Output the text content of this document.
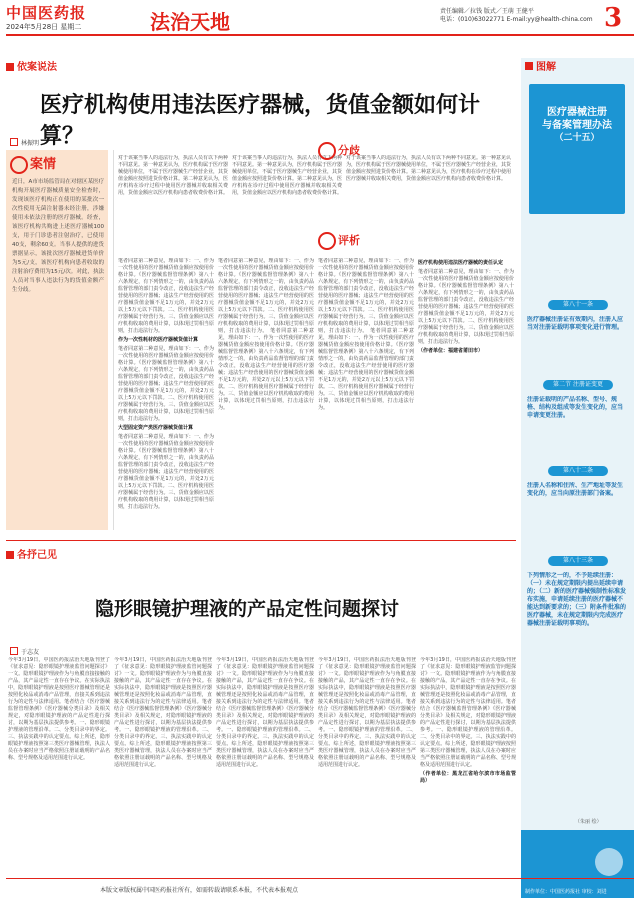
中国医药报
2024年5月28日 星期二	法治天地	责任编辑／拉钱 版式／王萌 王健平
电话：(010)63022771 E-mail:yy@health-china.com 3
依案说法
医疗机构使用违法医疗器械，货值金额如何计算？
林振明
案情
近日，A市市场监管局在对辖区某医疗机构开展医疗器械质量安全检查时，发现该医疗机构正在使用的某批次一次性使用无菌注射器未经注册，涉嫌使用未依法注册的医疗器械。经查，该医疗机构共购进上述医疗器械100支，用于门诊患者注射治疗，已使用40支，剩余60支。当事人提供的进货票据显示，该批次医疗器械进货单价为5元/支，该医疗机构向患者收取的注射治疗费用为15元/次。对此，执法人员对当事人违法行为的货值金额产生分歧。
对于该案当事人的违法行为，执法人员有以下两种不同意见。第一种意见认为，医疗机构属于医疗器械使用单位，不属于医疗器械生产经营企业，其货值金额应按照进货价格计算。第二种意见认为，医疗机构在诊疗过程中使用医疗器械并收取相关费用，货值金额应以医疗机构向患者收费价格计算。
对于该案当事人的违法行为，执法人员有以下两种不同意见。第一种意见认为，医疗机构属于医疗器械使用单位，不属于医疗器械生产经营企业，其货值金额应按照进货价格计算。第二种意见认为，医疗机构在诊疗过程中使用医疗器械并收取相关费用，货值金额应以医疗机构向患者收费价格计算。
分歧
对于该案当事人的违法行为，执法人员有以下两种不同意见。第一种意见认为，医疗机构属于医疗器械使用单位，不属于医疗器械生产经营企业，其货值金额应按照进货价格计算。第二种意见认为，医疗机构在诊疗过程中使用医疗器械并收取相关费用，货值金额应以医疗机构向患者收费价格计算。
评析
笔者同意第二种意见，理由如下：一、作为一次性使用的医疗器械货值金额应按使用价格计算。《医疗器械监督管理条例》第八十六条规定，有下列情形之一的，由负责药品监督管理的部门责令改正，没收违法生产经营使用的医疗器械；违法生产经营使用的医疗器械货值金额不足1万元的，并处2万元以上5万元以下罚款。二、医疗机构使用医疗器械属于经营行为。三、货值金额应以医疗机构收取的费用计算，以体现过罚相当原则，打击违法行为。
作为一次性耗材的医疗器械货值计算
笔者同意第二种意见，理由如下：一、作为一次性使用的医疗器械货值金额应按使用价格计算。《医疗器械监督管理条例》第八十六条规定，有下列情形之一的，由负责药品监督管理的部门责令改正，没收违法生产经营使用的医疗器械；违法生产经营使用的医疗器械货值金额不足1万元的，并处2万元以上5万元以下罚款。二、医疗机构使用医疗器械属于经营行为。三、货值金额应以医疗机构收取的费用计算，以体现过罚相当原则，打击违法行为。
大型固定资产类医疗器械货值计算
笔者同意第二种意见，理由如下：一、作为一次性使用的医疗器械货值金额应按使用价格计算。《医疗器械监督管理条例》第八十六条规定，有下列情形之一的，由负责药品监督管理的部门责令改正，没收违法生产经营使用的医疗器械；违法生产经营使用的医疗器械货值金额不足1万元的，并处2万元以上5万元以下罚款。二、医疗机构使用医疗器械属于经营行为。三、货值金额应以医疗机构收取的费用计算，以体现过罚相当原则，打击违法行为。
笔者同意第二种意见，理由如下：一、作为一次性使用的医疗器械货值金额应按使用价格计算。《医疗器械监督管理条例》第八十六条规定，有下列情形之一的，由负责药品监督管理的部门责令改正，没收违法生产经营使用的医疗器械；违法生产经营使用的医疗器械货值金额不足1万元的，并处2万元以上5万元以下罚款。二、医疗机构使用医疗器械属于经营行为。三、货值金额应以医疗机构收取的费用计算，以体现过罚相当原则，打击违法行为。 笔者同意第二种意见，理由如下：一、作为一次性使用的医疗器械货值金额应按使用价格计算。《医疗器械监督管理条例》第八十六条规定，有下列情形之一的，由负责药品监督管理的部门责令改正，没收违法生产经营使用的医疗器械；违法生产经营使用的医疗器械货值金额不足1万元的，并处2万元以上5万元以下罚款。二、医疗机构使用医疗器械属于经营行为。三、货值金额应以医疗机构收取的费用计算，以体现过罚相当原则，打击违法行为。
笔者同意第二种意见，理由如下：一、作为一次性使用的医疗器械货值金额应按使用价格计算。《医疗器械监督管理条例》第八十六条规定，有下列情形之一的，由负责药品监督管理的部门责令改正，没收违法生产经营使用的医疗器械；违法生产经营使用的医疗器械货值金额不足1万元的，并处2万元以上5万元以下罚款。二、医疗机构使用医疗器械属于经营行为。三、货值金额应以医疗机构收取的费用计算，以体现过罚相当原则，打击违法行为。 笔者同意第二种意见，理由如下：一、作为一次性使用的医疗器械货值金额应按使用价格计算。《医疗器械监督管理条例》第八十六条规定，有下列情形之一的，由负责药品监督管理的部门责令改正，没收违法生产经营使用的医疗器械；违法生产经营使用的医疗器械货值金额不足1万元的，并处2万元以上5万元以下罚款。二、医疗机构使用医疗器械属于经营行为。三、货值金额应以医疗机构收取的费用计算，以体现过罚相当原则，打击违法行为。
医疗机构使用违法医疗器械的责任认定
笔者同意第二种意见，理由如下：一、作为一次性使用的医疗器械货值金额应按使用价格计算。《医疗器械监督管理条例》第八十六条规定，有下列情形之一的，由负责药品监督管理的部门责令改正，没收违法生产经营使用的医疗器械；违法生产经营使用的医疗器械货值金额不足1万元的，并处2万元以上5万元以下罚款。二、医疗机构使用医疗器械属于经营行为。三、货值金额应以医疗机构收取的费用计算，以体现过罚相当原则，打击违法行为。
（作者单位：福建省莆田市）
各抒己见
隐形眼镜护理液的产品定性问题探讨
于志友
今年3月19日，中国医药报法治天地版刊登了《征求意见：隐形眼镜护理液监管问题探讨》一文。隐形眼镜护理液作为与角膜直接接触的产品，其产品定性一直存在争议。在实际执法中，隐形眼镜护理液是按照医疗器械管理还是按照化妆品或消毒产品管理，直接关系到违法行为的定性与法律适用。笔者结合《医疗器械监督管理条例》《医疗器械分类目录》及相关规定，对隐形眼镜护理液的产品定性进行探讨，以期为基层执法提供参考。一、隐形眼镜护理液的管理沿革。二、分类目录中的界定。三、执法实践中的认定要点。综上所述，隐形眼镜护理液按照第三类医疗器械管理，执法人员在办案时应当严格依照注册证载明的产品名称、型号规格及适用范围进行认定。
今年3月19日，中国医药报法治天地版刊登了《征求意见：隐形眼镜护理液监管问题探讨》一文。隐形眼镜护理液作为与角膜直接接触的产品，其产品定性一直存在争议。在实际执法中，隐形眼镜护理液是按照医疗器械管理还是按照化妆品或消毒产品管理，直接关系到违法行为的定性与法律适用。笔者结合《医疗器械监督管理条例》《医疗器械分类目录》及相关规定，对隐形眼镜护理液的产品定性进行探讨，以期为基层执法提供参考。一、隐形眼镜护理液的管理沿革。二、分类目录中的界定。三、执法实践中的认定要点。综上所述，隐形眼镜护理液按照第三类医疗器械管理，执法人员在办案时应当严格依照注册证载明的产品名称、型号规格及适用范围进行认定。
今年3月19日，中国医药报法治天地版刊登了《征求意见：隐形眼镜护理液监管问题探讨》一文。隐形眼镜护理液作为与角膜直接接触的产品，其产品定性一直存在争议。在实际执法中，隐形眼镜护理液是按照医疗器械管理还是按照化妆品或消毒产品管理，直接关系到违法行为的定性与法律适用。笔者结合《医疗器械监督管理条例》《医疗器械分类目录》及相关规定，对隐形眼镜护理液的产品定性进行探讨，以期为基层执法提供参考。一、隐形眼镜护理液的管理沿革。二、分类目录中的界定。三、执法实践中的认定要点。综上所述，隐形眼镜护理液按照第三类医疗器械管理，执法人员在办案时应当严格依照注册证载明的产品名称、型号规格及适用范围进行认定。
今年3月19日，中国医药报法治天地版刊登了《征求意见：隐形眼镜护理液监管问题探讨》一文。隐形眼镜护理液作为与角膜直接接触的产品，其产品定性一直存在争议。在实际执法中，隐形眼镜护理液是按照医疗器械管理还是按照化妆品或消毒产品管理，直接关系到违法行为的定性与法律适用。笔者结合《医疗器械监督管理条例》《医疗器械分类目录》及相关规定，对隐形眼镜护理液的产品定性进行探讨，以期为基层执法提供参考。一、隐形眼镜护理液的管理沿革。二、分类目录中的界定。三、执法实践中的认定要点。综上所述，隐形眼镜护理液按照第三类医疗器械管理，执法人员在办案时应当严格依照注册证载明的产品名称、型号规格及适用范围进行认定。
今年3月19日，中国医药报法治天地版刊登了《征求意见：隐形眼镜护理液监管问题探讨》一文。隐形眼镜护理液作为与角膜直接接触的产品，其产品定性一直存在争议。在实际执法中，隐形眼镜护理液是按照医疗器械管理还是按照化妆品或消毒产品管理，直接关系到违法行为的定性与法律适用。笔者结合《医疗器械监督管理条例》《医疗器械分类目录》及相关规定，对隐形眼镜护理液的产品定性进行探讨，以期为基层执法提供参考。一、隐形眼镜护理液的管理沿革。二、分类目录中的界定。三、执法实践中的认定要点。综上所述，隐形眼镜护理液按照第三类医疗器械管理，执法人员在办案时应当严格依照注册证载明的产品名称、型号规格及适用范围进行认定。
（作者单位：黑龙江省哈尔滨市市场监管局）
图解
医疗器械注册
与备案管理办法
（二十五）
第八十一条
医疗器械注册证有效期内，注册人应当对注册证载明事项变化进行管理。
第二节 注册证变更
注册证载明的产品名称、型号、规格、结构及组成等发生变化的，应当申请变更注册。
第八十二条
注册人名称和住所、生产地址等发生变化的，应当向原注册部门备案。
第八十三条
下列情形之一的，不予延续注册：（一）未在规定期限内提出延续申请的；（二）新的医疗器械强制性标准发布实施，申请延续注册的医疗器械不能达到新要求的；（三）附条件批准的医疗器械，未在规定期限内完成医疗器械注册证载明事项的。
（朱丽 绘）
制作单位：中国医药报社 审校：刘进
本版文章版权属中国医药报社所有，如需转载请联系本报，不代表本报观点
